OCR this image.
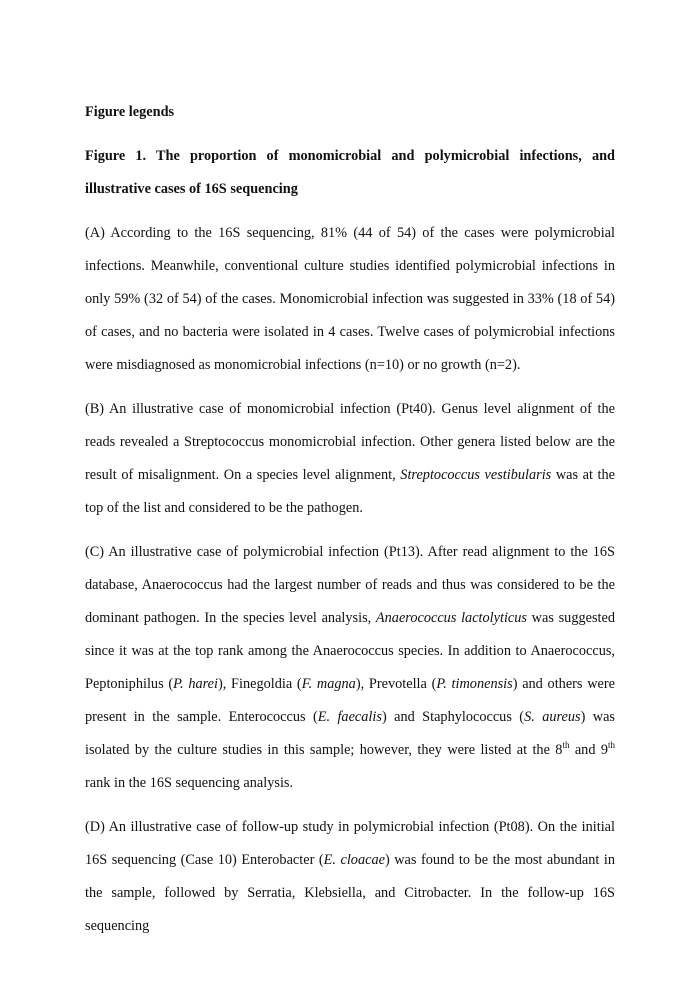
Figure legends
Figure 1. The proportion of monomicrobial and polymicrobial infections, and illustrative cases of 16S sequencing

(A) According to the 16S sequencing, 81% (44 of 54) of the cases were polymicrobial infections. Meanwhile, conventional culture studies identified polymicrobial infections in only 59% (32 of 54) of the cases. Monomicrobial infection was suggested in 33% (18 of 54) of cases, and no bacteria were isolated in 4 cases. Twelve cases of polymicrobial infections were misdiagnosed as monomicrobial infections (n=10) or no growth (n=2).

(B) An illustrative case of monomicrobial infection (Pt40). Genus level alignment of the reads revealed a Streptococcus monomicrobial infection. Other genera listed below are the result of misalignment. On a species level alignment, Streptococcus vestibularis was at the top of the list and considered to be the pathogen.

(C) An illustrative case of polymicrobial infection (Pt13). After read alignment to the 16S database, Anaerococcus had the largest number of reads and thus was considered to be the dominant pathogen. In the species level analysis, Anaerococcus lactolyticus was suggested since it was at the top rank among the Anaerococcus species. In addition to Anaerococcus, Peptoniphilus (P. harei), Finegoldia (F. magna), Prevotella (P. timonensis) and others were present in the sample. Enterococcus (E. faecalis) and Staphylococcus (S. aureus) was isolated by the culture studies in this sample; however, they were listed at the 8th and 9th rank in the 16S sequencing analysis.

(D) An illustrative case of follow-up study in polymicrobial infection (Pt08). On the initial 16S sequencing (Case 10) Enterobacter (E. cloacae) was found to be the most abundant in the sample, followed by Serratia, Klebsiella, and Citrobacter. In the follow-up 16S sequencing
